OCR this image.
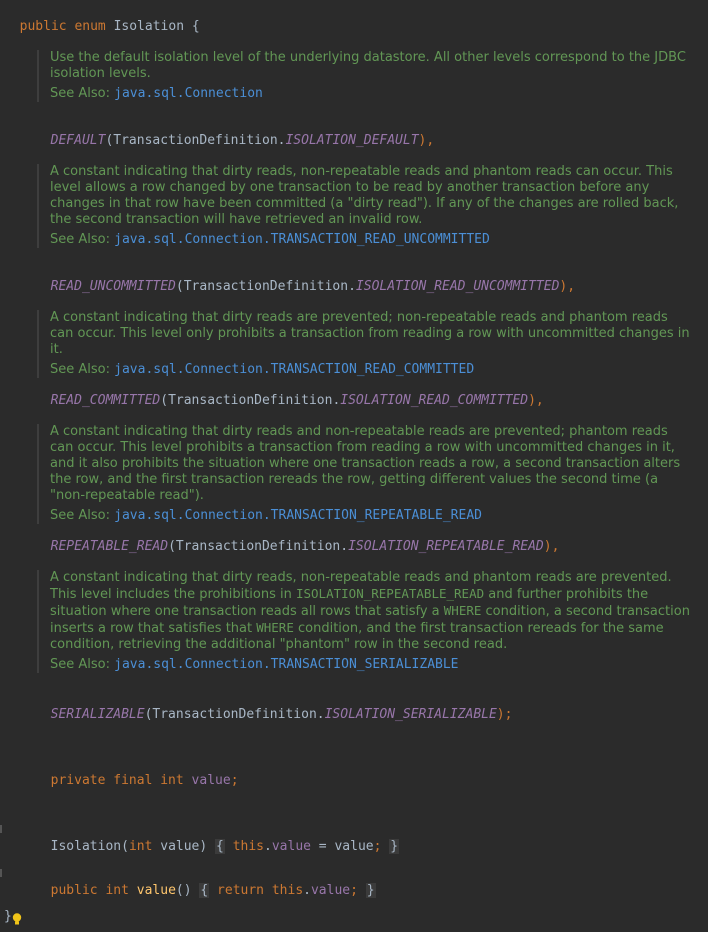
public enum Isolation {

Use the default isolation level of the underlying datastore. All other levels correspond to the JDBC isolation levels.
See Also: java.sql.Connection

DEFAULT(TransactionDefinition.ISOLATION_DEFAULT),

A constant indicating that dirty reads, non-repeatable reads and phantom reads can occur. This level allows a row changed by one transaction to be read by another transaction before any changes in that row have been committed (a "dirty read"). If any of the changes are rolled back, the second transaction will have retrieved an invalid row.
See Also: java.sql.Connection.TRANSACTION_READ_UNCOMMITTED

READ_UNCOMMITTED(TransactionDefinition.ISOLATION_READ_UNCOMMITTED),

A constant indicating that dirty reads are prevented; non-repeatable reads and phantom reads can occur. This level only prohibits a transaction from reading a row with uncommitted changes in it.
See Also: java.sql.Connection.TRANSACTION_READ_COMMITTED

READ_COMMITTED(TransactionDefinition.ISOLATION_READ_COMMITTED),

A constant indicating that dirty reads and non-repeatable reads are prevented; phantom reads can occur. This level prohibits a transaction from reading a row with uncommitted changes in it, and it also prohibits the situation where one transaction reads a row, a second transaction alters the row, and the first transaction rereads the row, getting different values the second time (a "non-repeatable read").
See Also: java.sql.Connection.TRANSACTION_REPEATABLE_READ

REPEATABLE_READ(TransactionDefinition.ISOLATION_REPEATABLE_READ),

A constant indicating that dirty reads, non-repeatable reads and phantom reads are prevented. This level includes the prohibitions in ISOLATION_REPEATABLE_READ and further prohibits the situation where one transaction reads all rows that satisfy a WHERE condition, a second transaction inserts a row that satisfies that WHERE condition, and the first transaction rereads for the same condition, retrieving the additional "phantom" row in the second read.
See Also: java.sql.Connection.TRANSACTION_SERIALIZABLE

SERIALIZABLE(TransactionDefinition.ISOLATION_SERIALIZABLE);

private final int value;

Isolation(int value) { this.value = value; }

public int value() { return this.value; }

}
